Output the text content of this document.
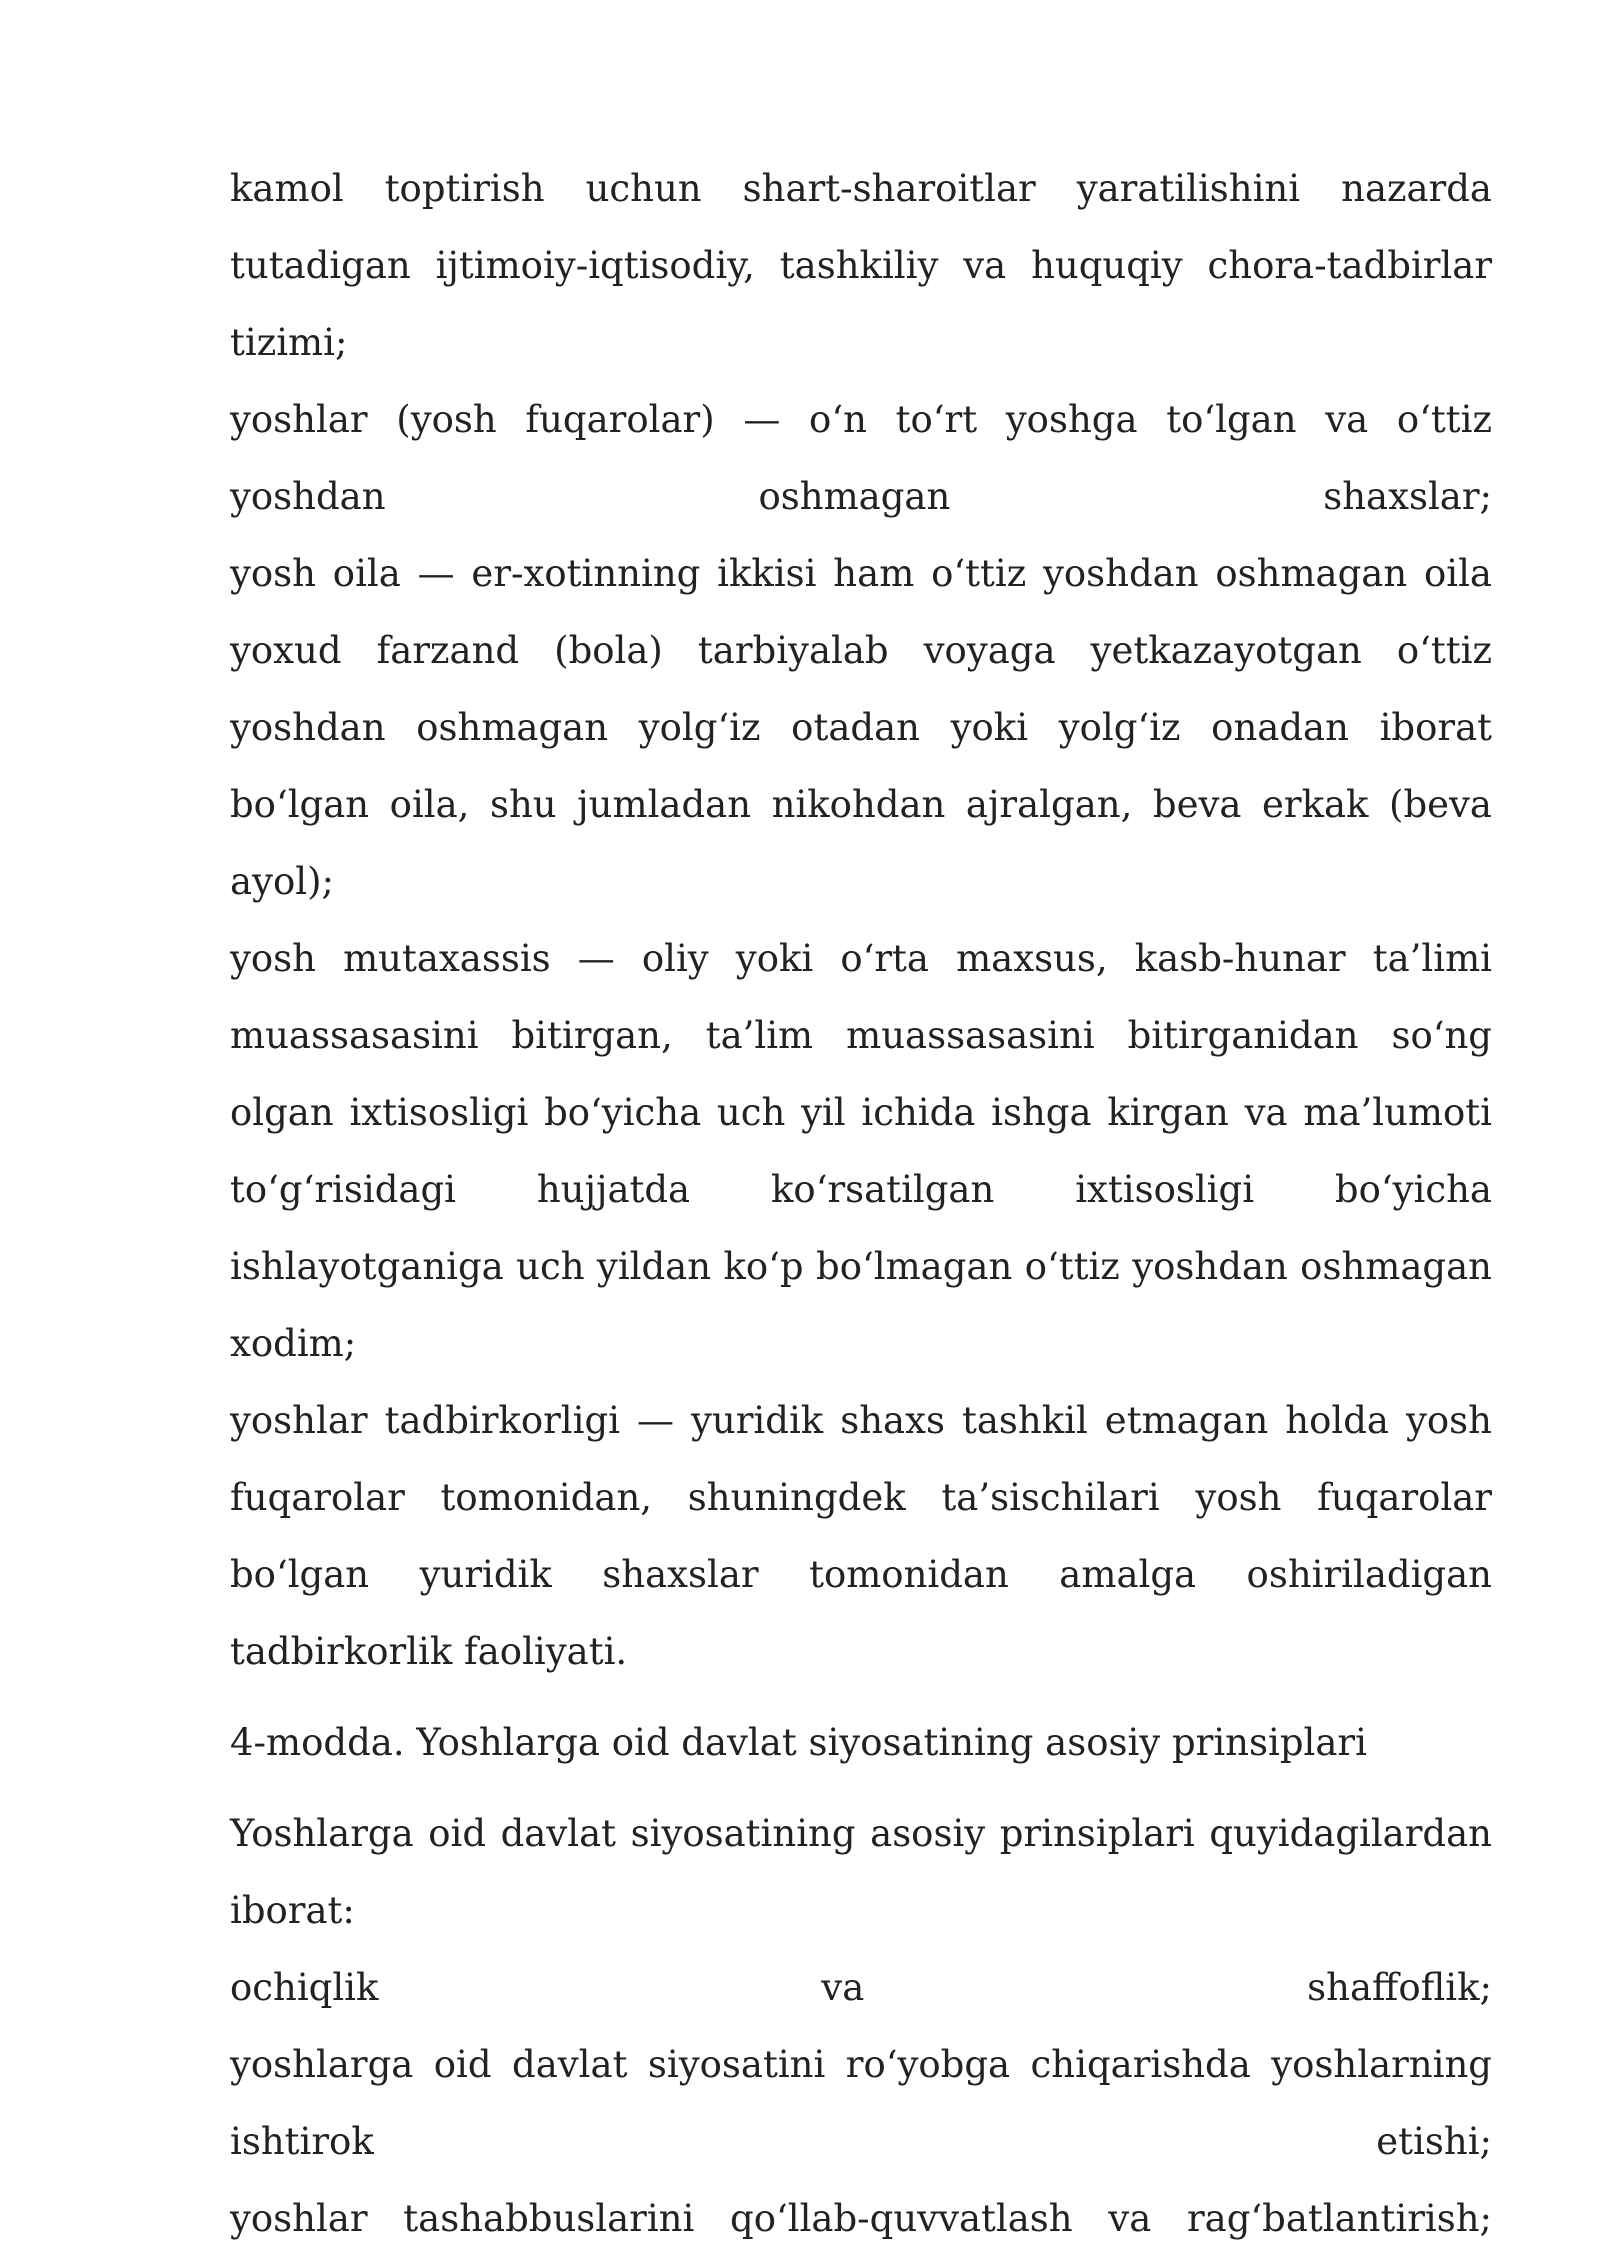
kamol toptirish uchun shart-sharoitlar yaratilishini nazarda tutadigan ijtimoiy-iqtisodiy, tashkiliy va huquqiy chora-tadbirlar tizimi;

yoshlar (yosh fuqarolar) — o‘n to‘rt yoshga to‘lgan va o‘ttiz yoshdan oshmagan shaxslar;

yosh oila — er-xotinning ikkisi ham o‘ttiz yoshdan oshmagan oila yoxud farzand (bola) tarbiyalab voyaga yetkazayotgan o‘ttiz yoshdan oshmagan yolg‘iz otadan yoki yolg‘iz onadan iborat bo‘lgan oila, shu jumladan nikohdan ajralgan, beva erkak (beva ayol);

yosh mutaxassis — oliy yoki o‘rta maxsus, kasb-hunar ta’limi muassasasini bitirgan, ta’lim muassasasini bitirganidan so‘ng olgan ixtisosligi bo‘yicha uch yil ichida ishga kirgan va ma’lumoti to‘g‘risidagi hujjatda ko‘rsatilgan ixtisosligi bo‘yicha ishlayotganiga uch yildan ko‘p bo‘lmagan o‘ttiz yoshdan oshmagan xodim;

yoshlar tadbirkorligi — yuridik shaxs tashkil etmagan holda yosh fuqarolar tomonidan, shuningdek ta’sischilari yosh fuqarolar bo‘lgan yuridik shaxslar tomonidan amalga oshiriladigan tadbirkorlik faoliyati.

4-modda. Yoshlarga oid davlat siyosatining asosiy prinsiplari

Yoshlarga oid davlat siyosatining asosiy prinsiplari quyidagilardan iborat:

ochiqlik va shaffoflik;

yoshlarga oid davlat siyosatini ro‘yobga chiqarishda yoshlarning ishtirok etishi;

yoshlar tashabbuslarini qo‘llab-quvvatlash va rag‘batlantirish;
